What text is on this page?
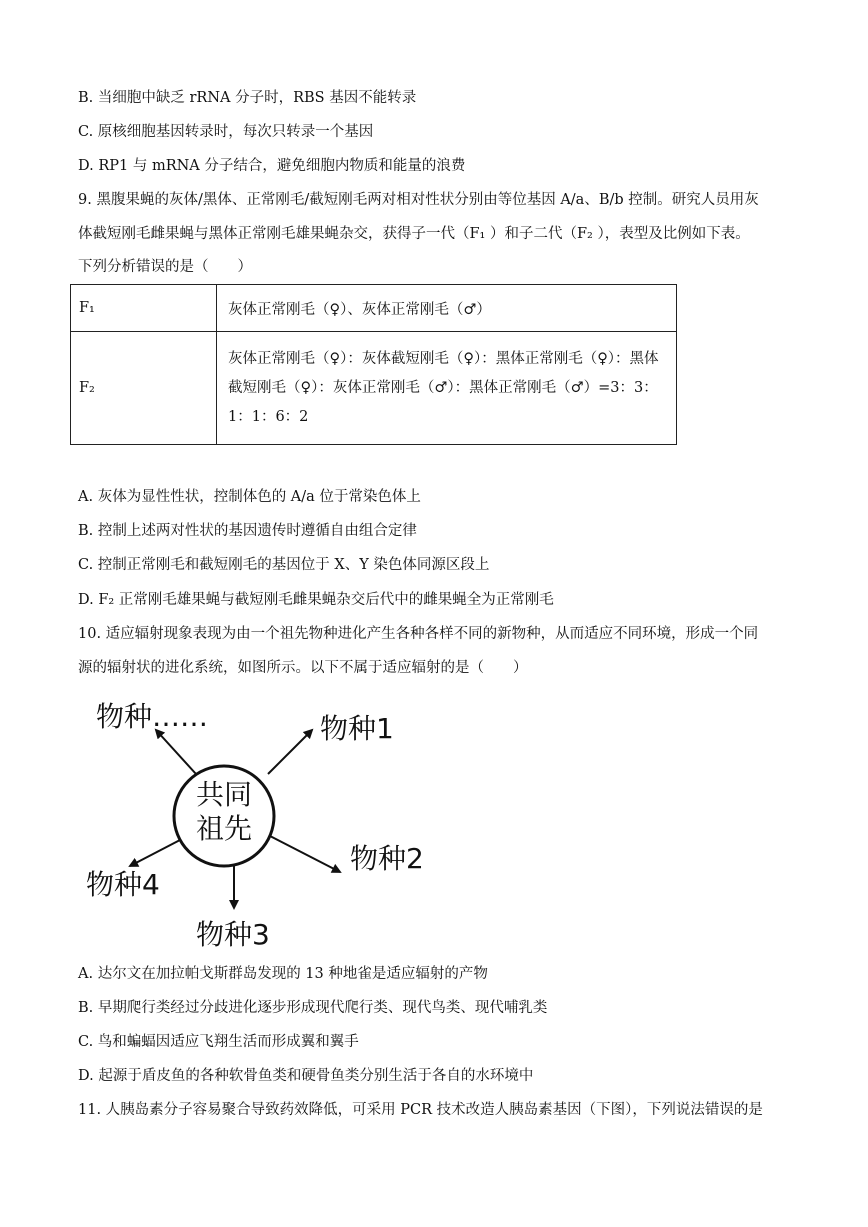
B. 当细胞中缺乏 rRNA 分子时，RBS 基因不能转录
C. 原核细胞基因转录时，每次只转录一个基因
D. RP1 与 mRNA 分子结合，避免细胞内物质和能量的浪费
9. 黑腹果蝇的灰体/黑体、正常刚毛/截短刚毛两对相对性状分别由等位基因 A/a、B/b 控制。研究人员用灰
体截短刚毛雌果蝇与黑体正常刚毛雄果蝇杂交，获得子一代（F₁ ）和子二代（F₂ ），表型及比例如下表。
下列分析错误的是（　　）
F₁	灰体正常刚毛（♀）、灰体正常刚毛（♂）
F₂	灰体正常刚毛（♀）：灰体截短刚毛（♀）：黑体正常刚毛（♀）：黑体截短刚毛（♀）：灰体正常刚毛（♂）：黑体正常刚毛（♂）=3：3：1：1：6：2
A. 灰体为显性性状，控制体色的 A/a 位于常染色体上
B. 控制上述两对性状的基因遗传时遵循自由组合定律
C. 控制正常刚毛和截短刚毛的基因位于 X、Y 染色体同源区段上
D. F₂ 正常刚毛雄果蝇与截短刚毛雌果蝇杂交后代中的雌果蝇全为正常刚毛
10. 适应辐射现象表现为由一个祖先物种进化产生各种各样不同的新物种，从而适应不同环境，形成一个同
源的辐射状的进化系统，如图所示。以下不属于适应辐射的是（　　）
共同
祖先
物种……	物种1
物种2
物种3
物种4
A. 达尔文在加拉帕戈斯群岛发现的 13 种地雀是适应辐射的产物
B. 早期爬行类经过分歧进化逐步形成现代爬行类、现代鸟类、现代哺乳类
C. 鸟和蝙蝠因适应飞翔生活而形成翼和翼手
D. 起源于盾皮鱼的各种软骨鱼类和硬骨鱼类分别生活于各自的水环境中
11. 人胰岛素分子容易聚合导致药效降低，可采用 PCR 技术改造人胰岛素基因（下图），下列说法错误的是
